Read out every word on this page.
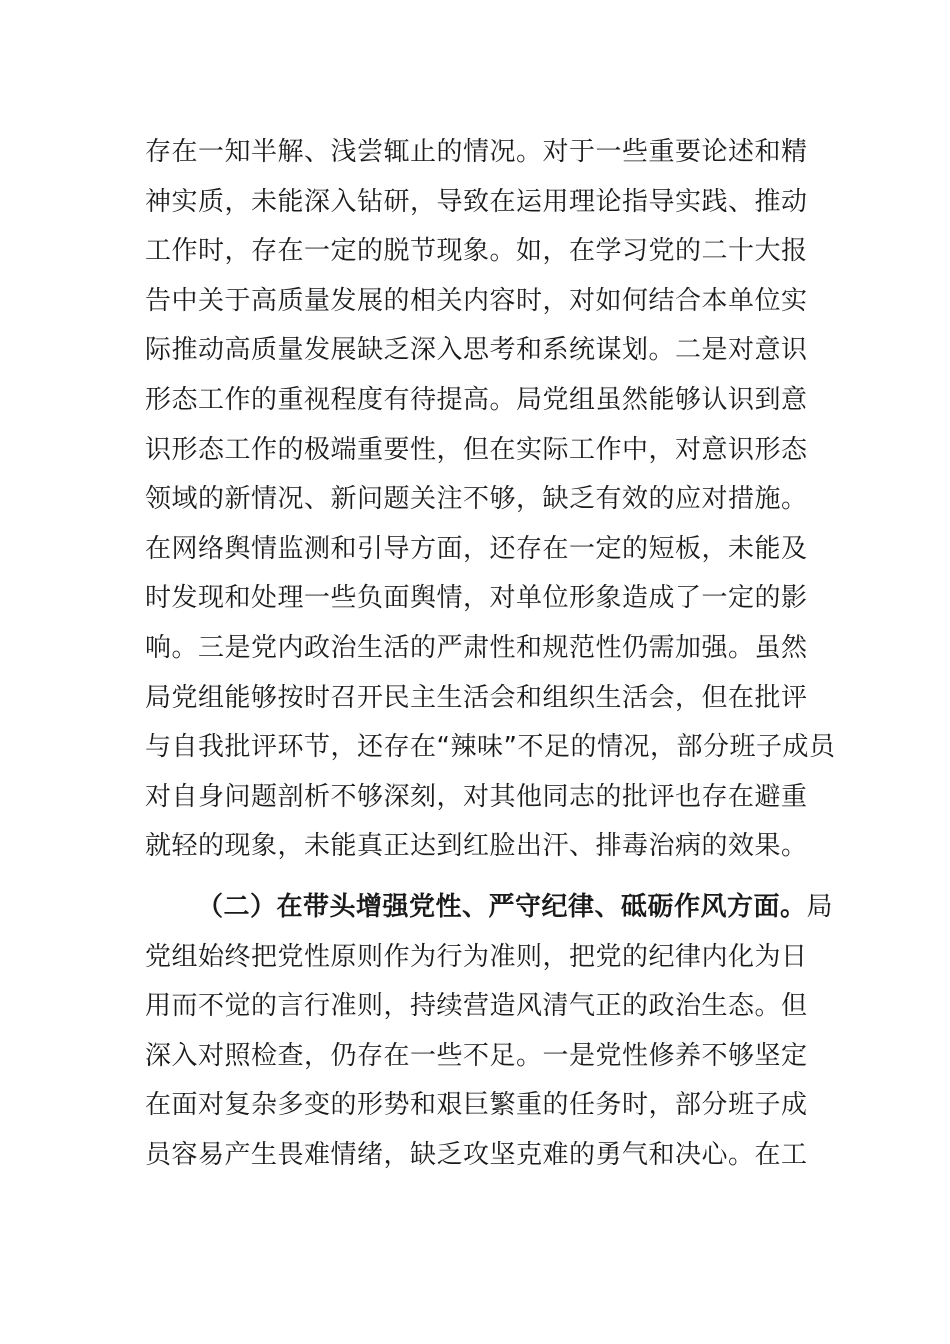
存在一知半解、浅尝辄止的情况。对于一些重要论述和精
神实质，未能深入钻研，导致在运用理论指导实践、推动
工作时，存在一定的脱节现象。如，在学习党的二十大报
告中关于高质量发展的相关内容时，对如何结合本单位实
际推动高质量发展缺乏深入思考和系统谋划。二是对意识
形态工作的重视程度有待提高。局党组虽然能够认识到意
识形态工作的极端重要性，但在实际工作中，对意识形态
领域的新情况、新问题关注不够，缺乏有效的应对措施。
在网络舆情监测和引导方面，还存在一定的短板，未能及
时发现和处理一些负面舆情，对单位形象造成了一定的影
响。三是党内政治生活的严肃性和规范性仍需加强。虽然
局党组能够按时召开民主生活会和组织生活会，但在批评
与自我批评环节，还存在“辣味”不足的情况，部分班子成员
对自身问题剖析不够深刻，对其他同志的批评也存在避重
就轻的现象，未能真正达到红脸出汗、排毒治病的效果。
（二）在带头增强党性、严守纪律、砥砺作风方面。局
党组始终把党性原则作为行为准则，把党的纪律内化为日
用而不觉的言行准则，持续营造风清气正的政治生态。但
深入对照检查，仍存在一些不足。一是党性修养不够坚定
在面对复杂多变的形势和艰巨繁重的任务时，部分班子成
员容易产生畏难情绪，缺乏攻坚克难的勇气和决心。在工
